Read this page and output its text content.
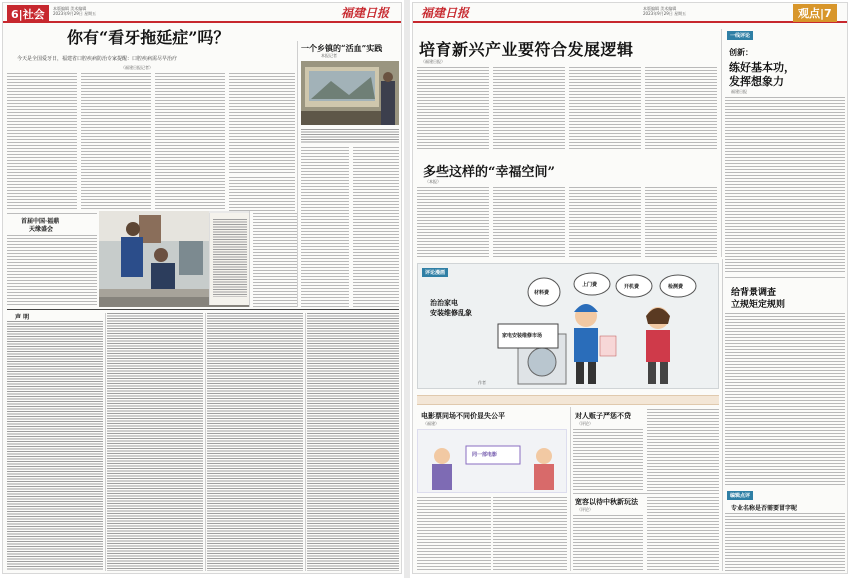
6|社会	本版编辑 美术编辑
2023年9月29日 星期五	福建日报
你有“看牙拖延症”吗？
今天是全国爱牙日，福建省口腔疾病防治专家提醒：口腔疾病需尽早治疗
（福建日报记者）
一个乡镇的“活血”实践
本报记者
首届中国·福鼎
天缘盛会
声 明
福建日报	本版编辑 美术编辑
2023年9月29日 星期五	观点|7
培育新兴产业要符合发展逻辑
（福建日报）
多些这样的“幸福空间”
（本报）
一线评论
创新：
练好基本功，
发挥想象力
福建日报
给背景调查
立规矩定规则
编辑点评
专业名称是否需要冒字呢
评论漫画
治治家电
安装维修乱象
上门费	开机费	检测费
材料费
家电安装维修市场
作者
电影票同场不同价显失公平
（福建）
同一部电影
对人贩子严惩不贷
（评论）
宽容以待中秋新玩法
（评论）
